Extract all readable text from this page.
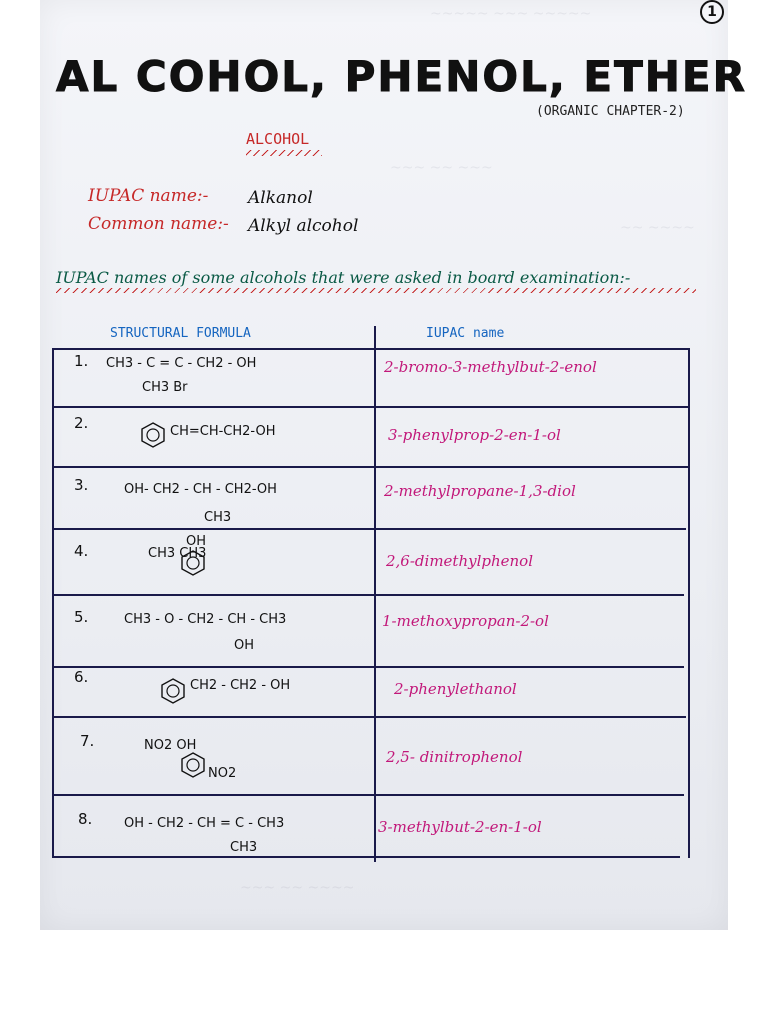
~~~~~ ~~~ ~~~~~
~~~ ~~ ~~~
~~ ~~~~
~~~ ~~ ~~~~
1
AL COHOL, PHENOL, ETHER
(ORGANIC CHAPTER-2)
ALCOHOL
IUPAC name:- Alkanol
Common name:- Alkyl alcohol
IUPAC names of some alcohols that were asked in board examination:-
STRUCTURAL FORMULA	IUPAC name
1. CH3 - C = C - CH2 - OH
CH3 Br
2-bromo-3-methylbut-2-enol
2.	CH=CH-CH2-OH	3-phenylprop-2-en-1-ol
3.	OH- CH2 - CH - CH2-OH
CH3
2-methylpropane-1,3-diol
4.
OH
CH3 CH3	2,6-dimethylphenol
5.	CH3 - O - CH2 - CH - CH3
OH
1-methoxypropan-2-ol
6.	CH2 - CH2 - OH	2-phenylethanol
7.	NO2 OH
NO2
2,5- dinitrophenol
8. OH - CH2 - CH = C - CH3
CH3
3-methylbut-2-en-1-ol
